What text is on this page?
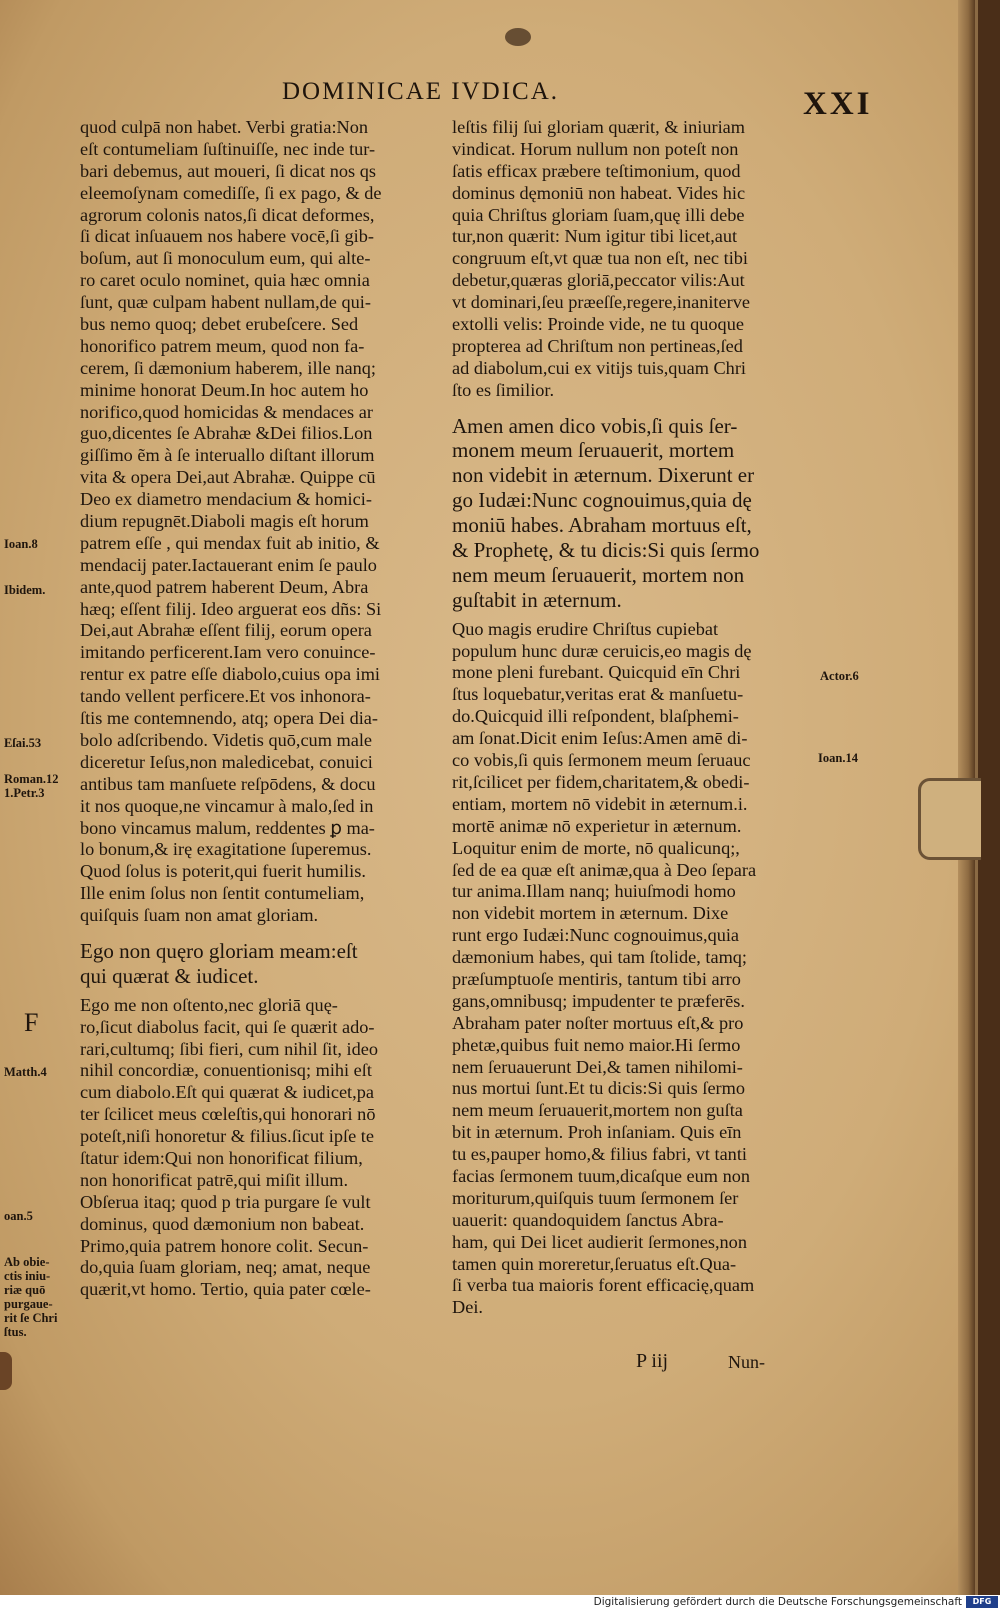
DOMINICAE IVDICA.	XXI
quod culpā non habet. Verbi gratia:Non
eſt contumeliam ſuſtinuiſſe, nec inde tur-
bari debemus, aut moueri, ſi dicat nos qs
eleemoſynam comediſſe, ſi ex pago, & de
agrorum colonis natos,ſi dicat deformes,
ſi dicat inſuauem nos habere vocē,ſi gib-
boſum, aut ſi monoculum eum, qui alte-
ro caret oculo nominet, quia hæc omnia
ſunt, quæ culpam habent nullam,de qui-
bus nemo quoq; debet erubeſcere. Sed
honorifico patrem meum, quod non fa-
cerem, ſi dæmonium haberem, ille nanq;
minime honorat Deum.In hoc autem ho
norifico,quod homicidas & mendaces ar
guo,dicentes ſe Abrahæ &Dei filios.Lon
giſſimo ẽm à ſe interuallo diſtant illorum
vita & opera Dei,aut Abrahæ. Quippe cū
Deo ex diametro mendacium & homici-
dium repugnēt.Diaboli magis eſt horum
patrem eſſe , qui mendax fuit ab initio, &
mendacij pater.Iactauerant enim ſe paulo
ante,quod patrem haberent Deum, Abra
hæq; eſſent filij. Ideo arguerat eos dñs: Si
Dei,aut Abrahæ eſſent filij, eorum opera
imitando perficerent.Iam vero conuince-
rentur ex patre eſſe diabolo,cuius opa imi
tando vellent perficere.Et vos inhonora-
ſtis me contemnendo, atq; opera Dei dia-
bolo adſcribendo. Videtis quō,cum male
diceretur Ieſus,non maledicebat, conuici
antibus tam manſuete reſpōdens, & docu
it nos quoque,ne vincamur à malo,ſed in
bono vincamus malum, reddentes ꝑ ma-
lo bonum,& irę exagitatione ſuperemus.
Quod ſolus is poterit,qui fuerit humilis.
Ille enim ſolus non ſentit contumeliam,
quiſquis ſuam non amat gloriam.
Ego non quęro gloriam meam:eſt
qui quærat & iudicet.
Ego me non oſtento,nec gloriā quę-
ro,ſicut diabolus facit, qui ſe quærit ado-
rari,cultumq; ſibi fieri, cum nihil ſit, ideo
nihil concordiæ, conuentionisq; mihi eſt
cum diabolo.Eſt qui quærat & iudicet,pa
ter ſcilicet meus cœleſtis,qui honorari nō
poteſt,niſi honoretur & filius.ſicut ipſe te
ſtatur idem:Qui non honorificat filium,
non honorificat patrē,qui miſit illum.
Obſerua itaq; quod p tria purgare ſe vult
dominus, quod dæmonium non babeat.
Primo,quia patrem honore colit. Secun-
do,quia ſuam gloriam, neq; amat, neque
quærit,vt homo. Tertio, quia pater cœle-
leſtis filij ſui gloriam quærit, & iniuriam
vindicat. Horum nullum non poteſt non
ſatis efficax præbere teſtimonium, quod
dominus dęmoniū non habeat. Vides hic
quia Chriſtus gloriam ſuam,quę illi debe
tur,non quærit: Num igitur tibi licet,aut
congruum eſt,vt quæ tua non eſt, nec tibi
debetur,quæras gloriā,peccator vilis:Aut
vt dominari,ſeu præeſſe,regere,inaniterve
extolli velis: Proinde vide, ne tu quoque
propterea ad Chriſtum non pertineas,ſed
ad diabolum,cui ex vitijs tuis,quam Chri
ſto es ſimilior.
Amen amen dico vobis,ſi quis ſer-
monem meum ſeruauerit, mortem
non videbit in æternum. Dixerunt er
go Iudæi:Nunc cognouimus,quia dę
moniū habes. Abraham mortuus eſt,
& Prophetę, & tu dicis:Si quis ſermo
nem meum ſeruauerit, mortem non
guſtabit in æternum.
Quo magis erudire Chriſtus cupiebat
populum hunc duræ ceruicis,eo magis dę
mone pleni furebant. Quicquid eīn Chri
ſtus loquebatur,veritas erat & manſuetu-
do.Quicquid illi reſpondent, blaſphemi-
am ſonat.Dicit enim Ieſus:Amen amē di-
co vobis,ſi quis ſermonem meum ſeruauc
rit,ſcilicet per fidem,charitatem,& obedi-
entiam, mortem nō videbit in æternum.i.
mortē animæ nō experietur in æternum.
Loquitur enim de morte, nō qualicunq;,
ſed de ea quæ eſt animæ,qua à Deo ſepara
tur anima.Illam nanq; huiuſmodi homo
non videbit mortem in æternum. Dixe
runt ergo Iudæi:Nunc cognouimus,quia
dæmonium habes, qui tam ſtolide, tamq;
præſumptuoſe mentiris, tantum tibi arro
gans,omnibusq; impudenter te præferēs.
Abraham pater noſter mortuus eſt,& pro
phetæ,quibus fuit nemo maior.Hi ſermo
nem ſeruauerunt Dei,& tamen nihilomi-
nus mortui ſunt.Et tu dicis:Si quis ſermo
nem meum ſeruauerit,mortem non guſta
bit in æternum. Proh inſaniam. Quis eīn
tu es,pauper homo,& filius fabri, vt tanti
facias ſermonem tuum,dicaſque eum non
moriturum,quiſquis tuum ſermonem ſer
uauerit: quandoquidem ſanctus Abra-
ham, qui Dei licet audierit ſermones,non
tamen quin moreretur,ſeruatus eſt.Qua-
ſi verba tua maioris forent efficacię,quam
Dei.
Ioan.8
Ibidem.
Eſai.53
Roman.12
1.Petr.3
F
Matth.4
oan.5
Ab obie-
ctis iniu-
riæ quō
purgaue-
rit ſe Chri
ſtus.
Actor.6
Ioan.14
P iij	Nun-
Digitalisierung gefördert durch die Deutsche Forschungsgemeinschaft	DFG
